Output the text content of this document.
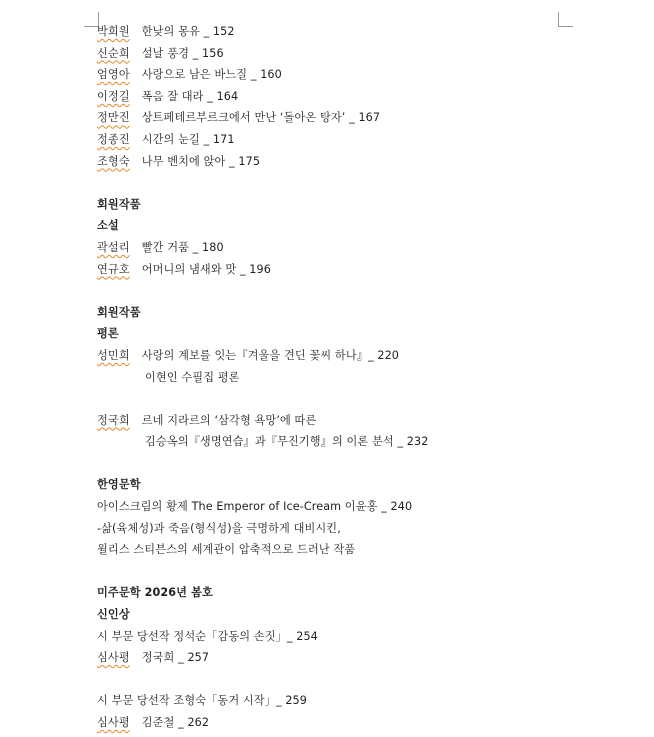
박희원 한낮의 몽유 _ 152
신순희 설날 풍경 _ 156
엄영아 사랑으로 남은 바느질 _ 160
이정길 폭음 잘 대라 _ 164
정만진 상트페테르부르크에서 만난 ‘돌아온 탕자’ _ 167
정종진 시간의 눈길 _ 171
조형숙 나무 벤치에 앉아 _ 175
회원작품
소설
곽설리 빨간 거품 _ 180
연규호 어머니의 냄새와 맛 _ 196
회원작품
평론
성민희 사랑의 계보를 잇는『겨울을 견딘 꽃씨 하나』_ 220
이현인 수필집 평론
정국희 르네 지라르의 ‘삼각형 욕망’에 따른
김승옥의『생명연습』과『무진기행』의 이론 분석 _ 232
한영문학
아이스크림의 황제 The Emperor of Ice-Cream 이윤홍 _ 240
-삶(육체성)과 죽음(형식성)을 극명하게 대비시킨,
윌리스 스티븐스의 세계관이 압축적으로 드러난 작품
미주문학 2026년 봄호
신인상
시 부문 당선작 정석순「감동의 손짓」_ 254
심사평 정국희 _ 257
시 부문 당선작 조형숙「동거 시작」_ 259
심사평 김준철 _ 262
